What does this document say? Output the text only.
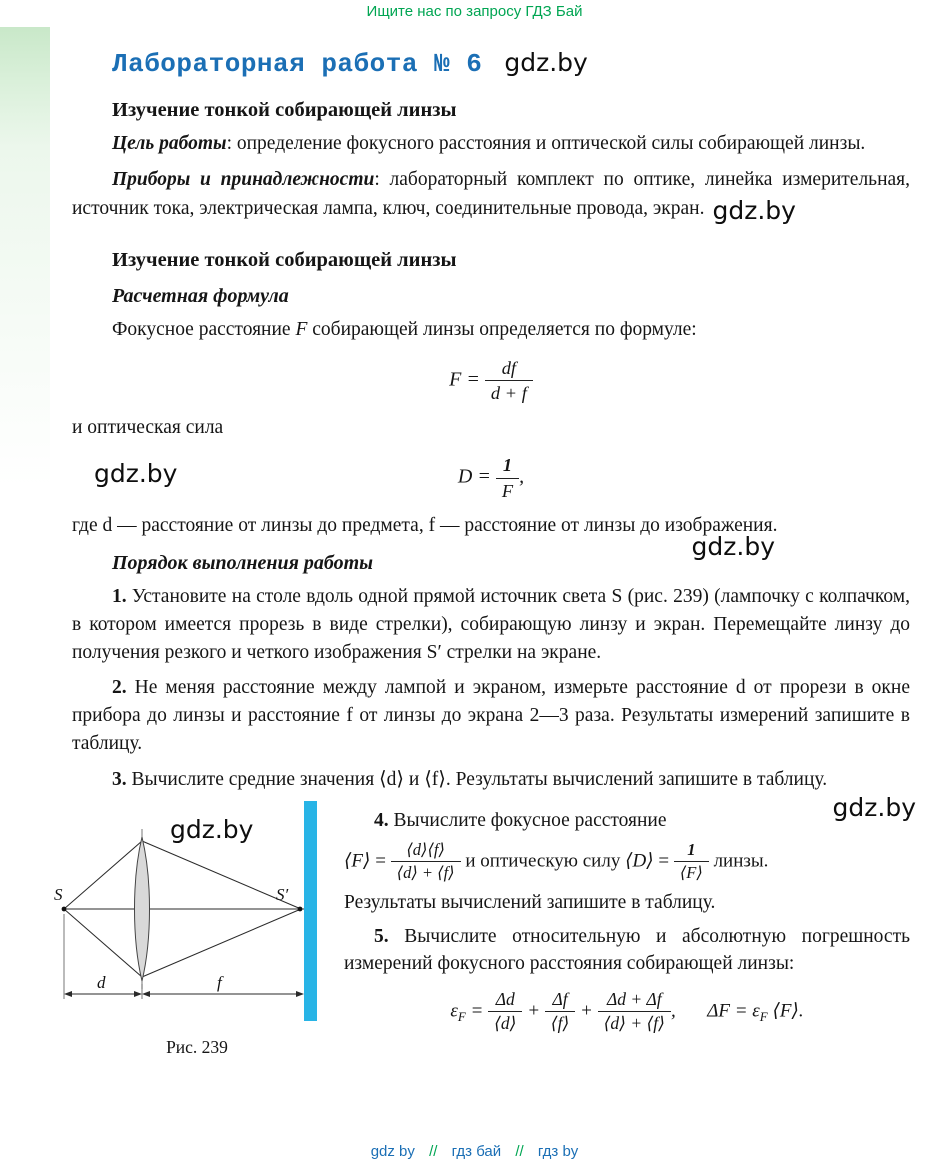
Ищите нас по запросу ГДЗ Бай
Лабораторная работа № 6 gdz.by
Изучение тонкой собирающей линзы

Цель работы: определение фокусного расстояния и оптической силы собирающей линзы.

Приборы и принадлежности: лабораторный комплект по оптике, линейка измерительная, источник тока, электрическая лампа, ключ, соединительные провода, экран. gdz.by

Изучение тонкой собирающей линзы
Расчетная формула

Фокусное расстояние F собирающей линзы определяется по формуле:

$F = \frac{df}{d + f}$

и оптическая сила

gdz.by	$D = \frac{1}{F}$ ,

где d — расстояние от линзы до предмета, f — расстояние от линзы до изображения.

gdz.by
Порядок выполнения работы

1. Установите на столе вдоль одной прямой источник света S (рис. 239) (лампочку с колпачком, в котором имеется прорезь в виде стрелки), собирающую линзу и экран. Перемещайте линзу до получения резкого и четкого изображения S′ стрелки на экране.

2. Не меняя расстояние между лампой и экраном, измерьте расстояние d от прорези в окне прибора до линзы и расстояние f от линзы до экрана 2—3 раза. Результаты измерений запишите в таблицу.

3. Вычислите средние значения ⟨d⟩ и ⟨f⟩. Результаты вычислений запишите в таблицу.
gdz.by

gdz.by
S	S′
d	f
Рис. 239

4. Вычислите фокусное расстояние

⟨F⟩ = $\frac{⟨d⟩⟨f⟩}{⟨d⟩ + ⟨f⟩}$ и оптическую силу ⟨D⟩ = $\frac{1}{⟨F⟩}$ линзы.

Результаты вычислений запишите в таблицу.

5. Вычислите относительную и абсолютную погрешность измерений фокусного расстояния собирающей линзы:

$\varepsilon_F = \frac{\Delta d}{⟨d⟩} + \frac{\Delta f}{⟨f⟩} + \frac{\Delta d + \Delta f}{⟨d⟩ + ⟨f⟩}$ , $\Delta F = \varepsilon_F$ ⟨F⟩.
gdz by // гдз бай // гдз by
